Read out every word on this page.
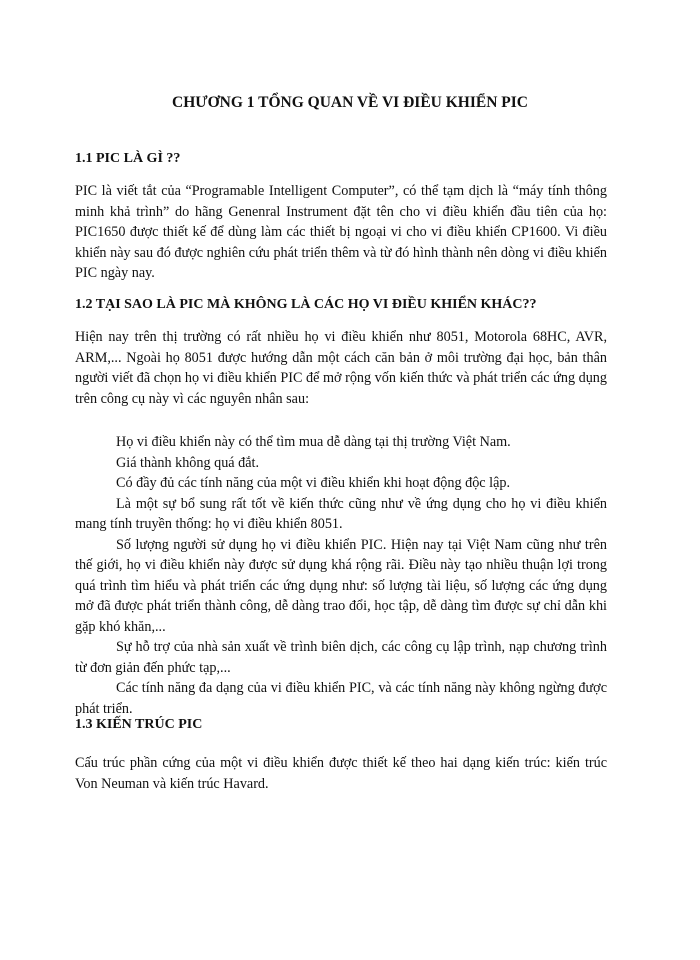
CHƯƠNG 1 TỔNG QUAN VỀ VI ĐIỀU KHIỂN PIC
1.1 PIC LÀ GÌ ??

PIC là viết tắt của “Programable Intelligent Computer”, có thể tạm dịch là “máy tính thông minh khả trình” do hãng Genenral Instrument đặt tên cho vi điều khiển đầu tiên của họ: PIC1650 được thiết kế để dùng làm các thiết bị ngoại vi cho vi điều khiển CP1600. Vi điều khiển này sau đó được nghiên cứu phát triển thêm và từ đó hình thành nên dòng vi điều khiển PIC ngày nay.

1.2 TẠI SAO LÀ PIC MÀ KHÔNG LÀ CÁC HỌ VI ĐIỀU KHIỂN KHÁC??

Hiện nay trên thị trường có rất nhiều họ vi điều khiển như 8051, Motorola 68HC, AVR, ARM,... Ngoài họ 8051 được hướng dẫn một cách căn bản ở môi trường đại học, bản thân người viết đã chọn họ vi điều khiển PIC để mở rộng vốn kiến thức và phát triển các ứng dụng trên công cụ này vì các nguyên nhân sau:

Họ vi điều khiển này có thể tìm mua dễ dàng tại thị trường Việt Nam.

Giá thành không quá đắt.

Có đầy đủ các tính năng của một vi điều khiển khi hoạt động độc lập.

Là một sự bổ sung rất tốt về kiến thức cũng như về ứng dụng cho họ vi điều khiển mang tính truyền thống: họ vi điều khiển 8051.

Số lượng người sử dụng họ vi điều khiển PIC. Hiện nay tại Việt Nam cũng như trên thế giới, họ vi điều khiển này được sử dụng khá rộng rãi. Điều này tạo nhiều thuận lợi trong quá trình tìm hiểu và phát triển các ứng dụng như: số lượng tài liệu, số lượng các ứng dụng mở đã được phát triển thành công, dễ dàng trao đổi, học tập, dễ dàng tìm được sự chỉ dẫn khi gặp khó khăn,...

Sự hỗ trợ của nhà sản xuất về trình biên dịch, các công cụ lập trình, nạp chương trình từ đơn giản đến phức tạp,...

Các tính năng đa dạng của vi điều khiển PIC, và các tính năng này không ngừng được phát triển.

1.3 KIẾN TRÚC PIC

Cấu trúc phần cứng của một vi điều khiển được thiết kế theo hai dạng kiến trúc: kiến trúc Von Neuman và kiến trúc Havard.
